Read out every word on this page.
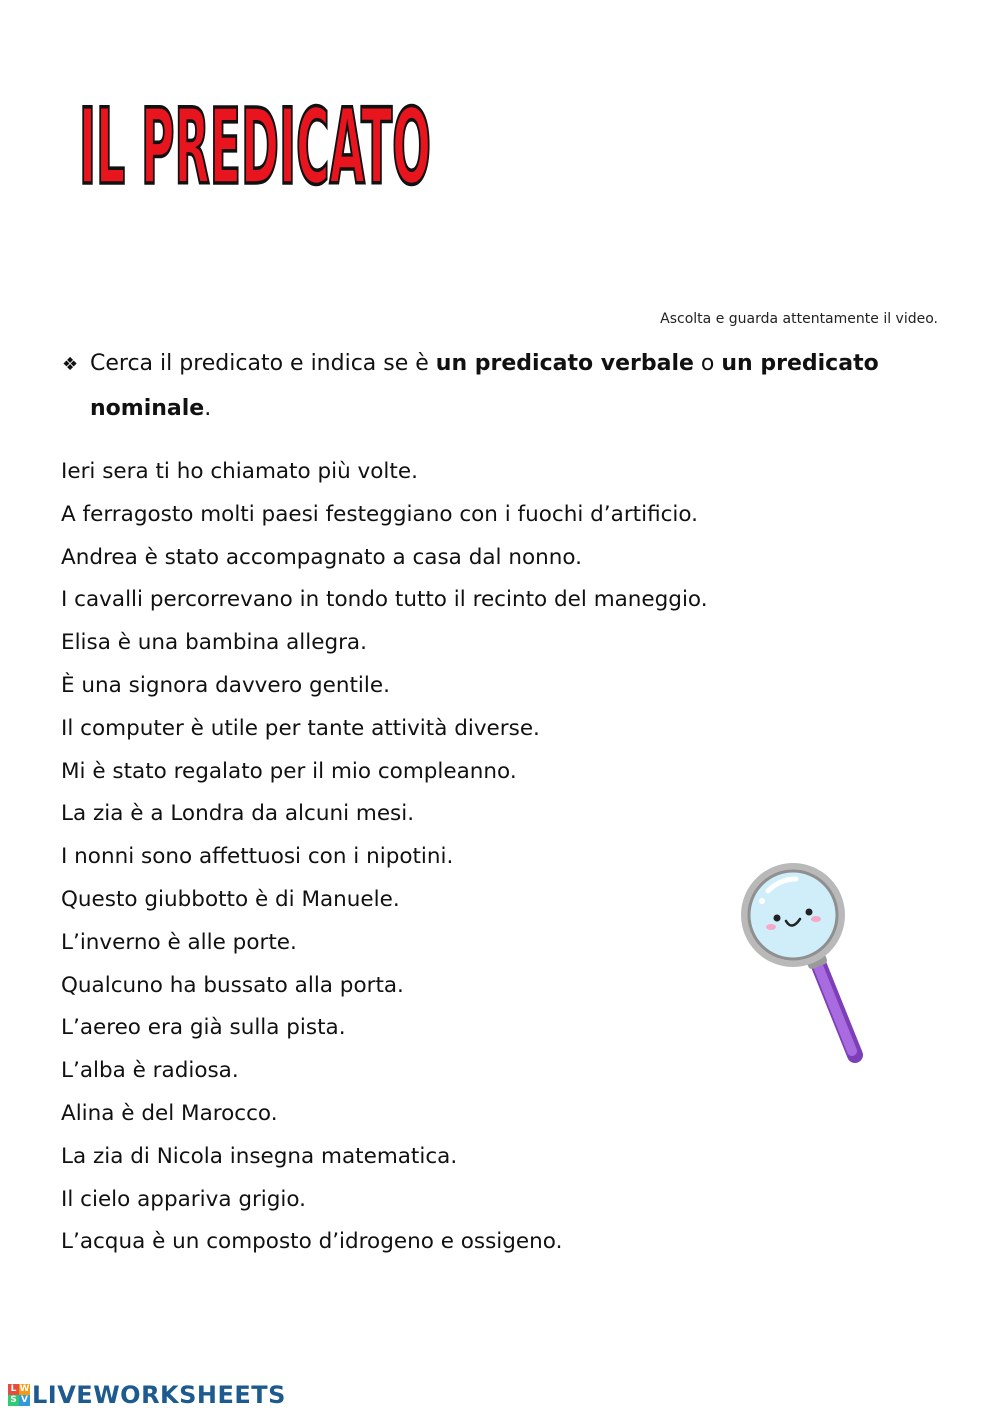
IL PREDICATO
Ascolta e guarda attentamente il video.
❖ Cerca il predicato e indica se è un predicato verbale o un predicato
nominale.
Ieri sera ti ho chiamato più volte.
A ferragosto molti paesi festeggiano con i fuochi d’artificio.
Andrea è stato accompagnato a casa dal nonno.
I cavalli percorrevano in tondo tutto il recinto del maneggio.
Elisa è una bambina allegra.
È una signora davvero gentile.
Il computer è utile per tante attività diverse.
Mi è stato regalato per il mio compleanno.
La zia è a Londra da alcuni mesi.
I nonni sono affettuosi con i nipotini.
Questo giubbotto è di Manuele.
L’inverno è alle porte.
Qualcuno ha bussato alla porta.
L’aereo era già sulla pista.
L’alba è radiosa.
Alina è del Marocco.
La zia di Nicola insegna matematica.
Il cielo appariva grigio.
L’acqua è un composto d’idrogeno e ossigeno.
L W
S V LIVEWORKSHEETS
